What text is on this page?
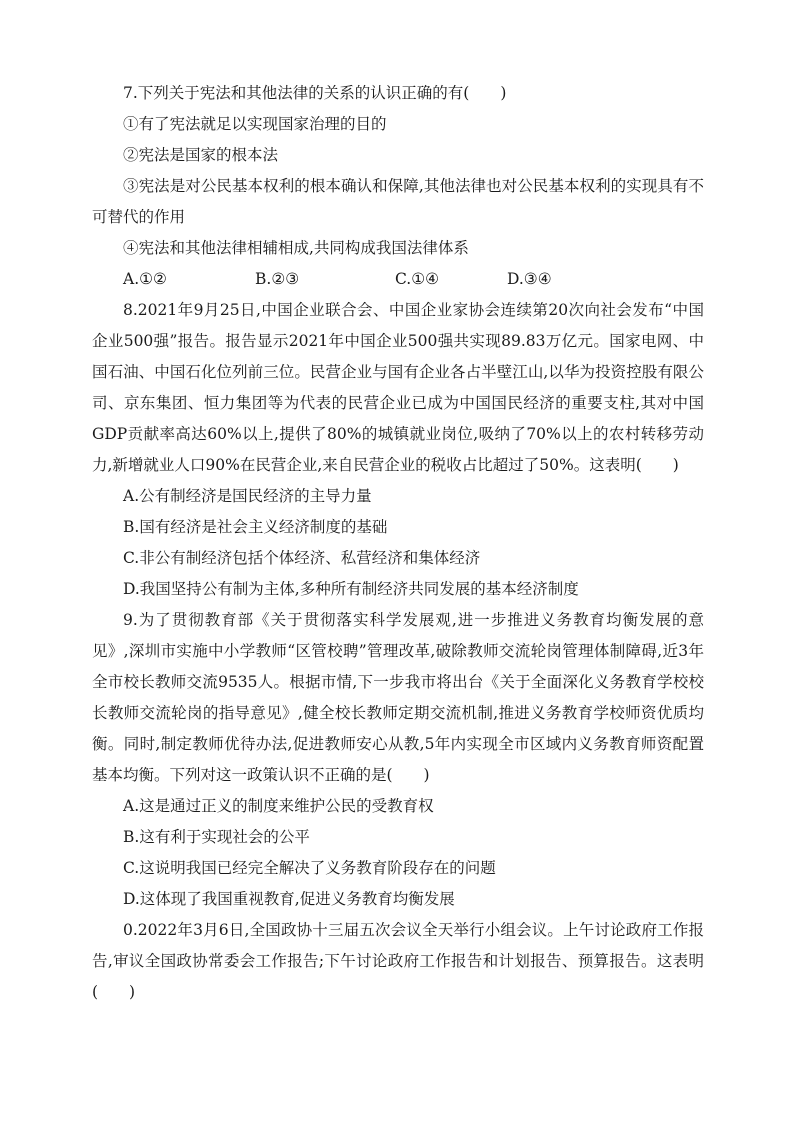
7.下列关于宪法和其他法律的关系的认识正确的有(　　)

①有了宪法就足以实现国家治理的目的

②宪法是国家的根本法

③宪法是对公民基本权利的根本确认和保障,其他法律也对公民基本权利的实现具有不可替代的作用

④宪法和其他法律相辅相成,共同构成我国法律体系

A.①②	B.②③	C.①④	D.③④

8.2021年9月25日,中国企业联合会、中国企业家协会连续第20次向社会发布“中国企业500强”报告。报告显示2021年中国企业500强共实现89.83万亿元。国家电网、中国石油、中国石化位列前三位。民营企业与国有企业各占半壁江山,以华为投资控股有限公司、京东集团、恒力集团等为代表的民营企业已成为中国国民经济的重要支柱,其对中国GDP贡献率高达60%以上,提供了80%的城镇就业岗位,吸纳了70%以上的农村转移劳动力,新增就业人口90%在民营企业,来自民营企业的税收占比超过了50%。这表明(　　)

A.公有制经济是国民经济的主导力量

B.国有经济是社会主义经济制度的基础

C.非公有制经济包括个体经济、私营经济和集体经济

D.我国坚持公有制为主体,多种所有制经济共同发展的基本经济制度

9.为了贯彻教育部《关于贯彻落实科学发展观,进一步推进义务教育均衡发展的意见》,深圳市实施中小学教师“区管校聘”管理改革,破除教师交流轮岗管理体制障碍,近3年全市校长教师交流9535人。根据市情,下一步我市将出台《关于全面深化义务教育学校校长教师交流轮岗的指导意见》,健全校长教师定期交流机制,推进义务教育学校师资优质均衡。同时,制定教师优待办法,促进教师安心从教,5年内实现全市区域内义务教育师资配置基本均衡。下列对这一政策认识不正确的是(　　)

A.这是通过正义的制度来维护公民的受教育权

B.这有利于实现社会的公平

C.这说明我国已经完全解决了义务教育阶段存在的问题

D.这体现了我国重视教育,促进义务教育均衡发展

0.2022年3月6日,全国政协十三届五次会议全天举行小组会议。上午讨论政府工作报告,审议全国政协常委会工作报告;下午讨论政府工作报告和计划报告、预算报告。这表明(　　)
